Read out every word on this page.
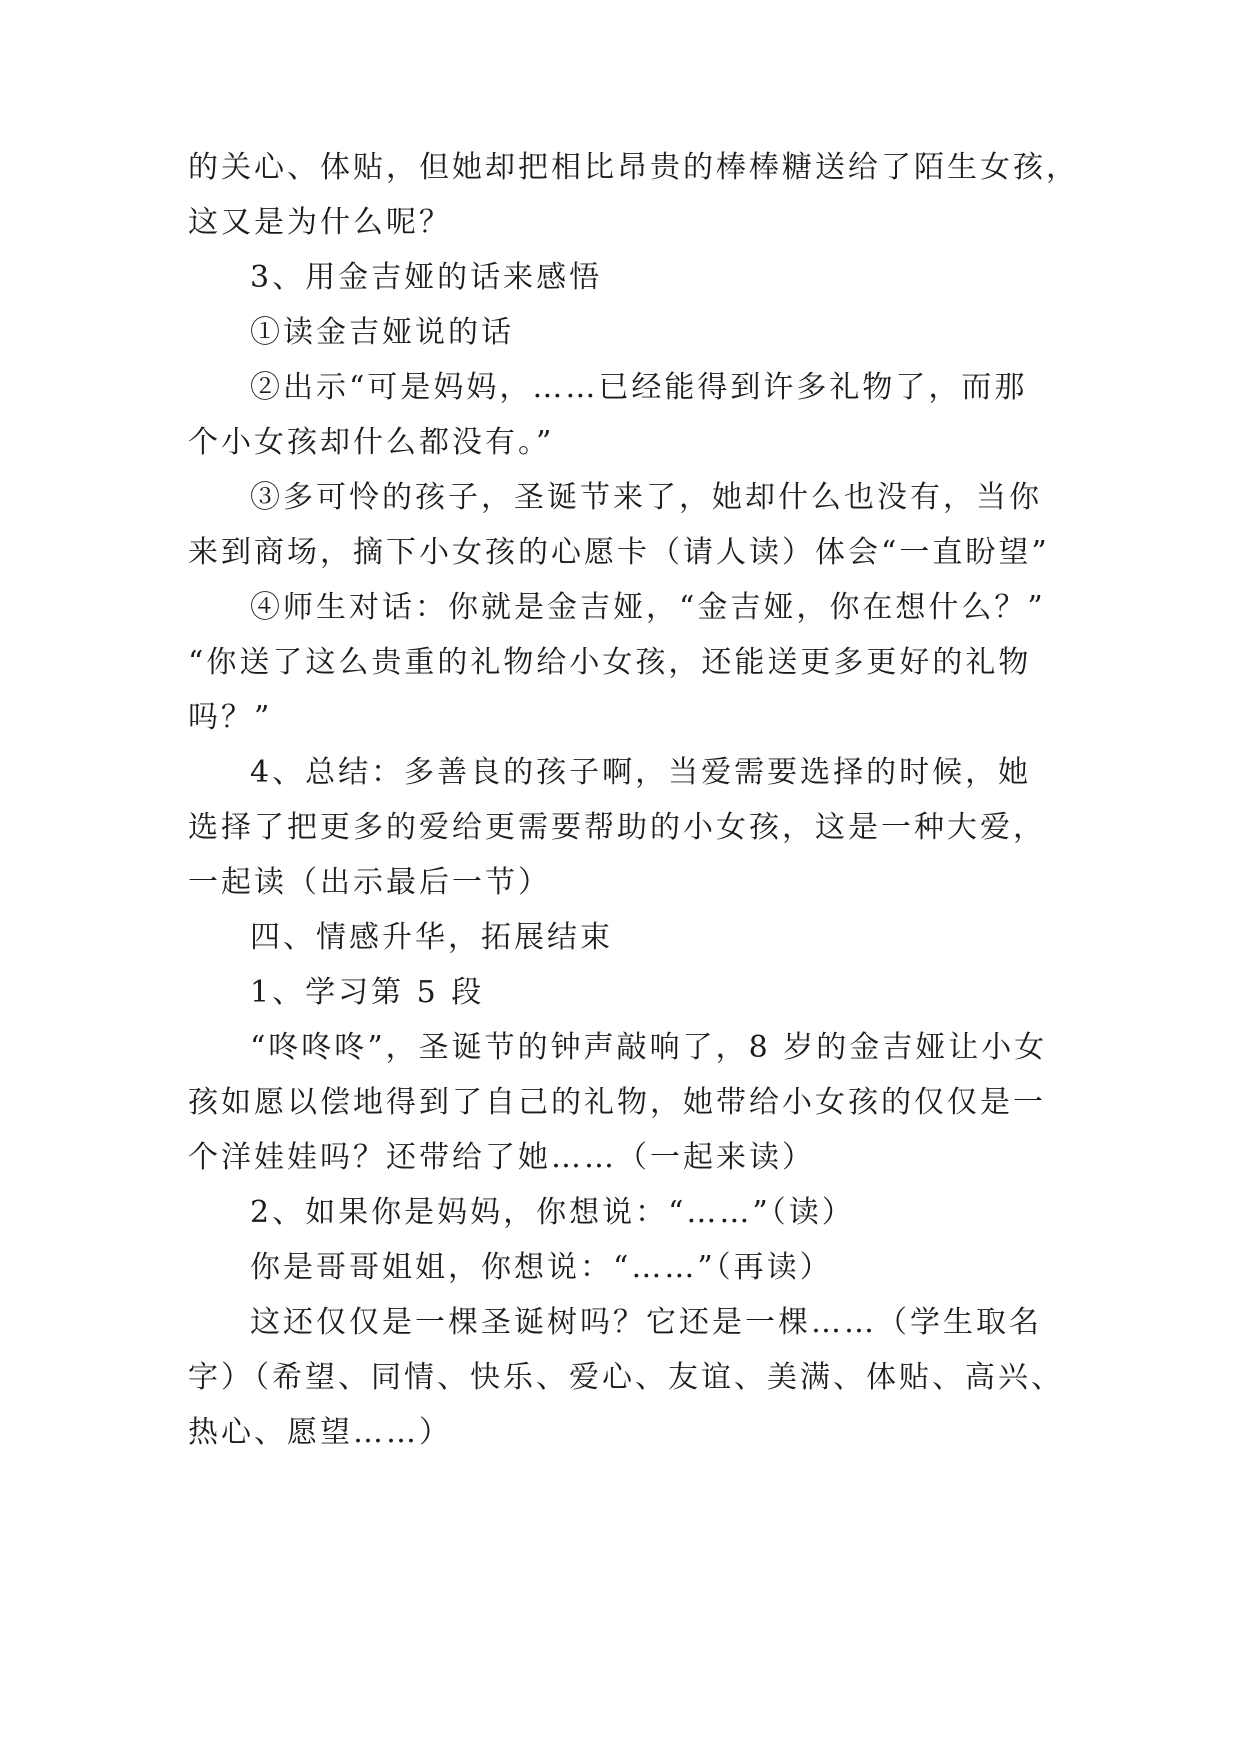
的关心、体贴，但她却把相比昂贵的棒棒糖送给了陌生女孩，
这又是为什么呢？
3、用金吉娅的话来感悟
①读金吉娅说的话
②出示“可是妈妈，……已经能得到许多礼物了，而那
个小女孩却什么都没有。”
③多可怜的孩子，圣诞节来了，她却什么也没有，当你
来到商场，摘下小女孩的心愿卡（请人读）体会“一直盼望”
④师生对话：你就是金吉娅，“金吉娅，你在想什么？”
“你送了这么贵重的礼物给小女孩，还能送更多更好的礼物
吗？”
4、总结：多善良的孩子啊，当爱需要选择的时候，她
选择了把更多的爱给更需要帮助的小女孩，这是一种大爱，
一起读（出示最后一节）
四、情感升华，拓展结束
1、学习第 5 段
“咚咚咚”，圣诞节的钟声敲响了，8 岁的金吉娅让小女
孩如愿以偿地得到了自己的礼物，她带给小女孩的仅仅是一
个洋娃娃吗？还带给了她……（一起来读）
2、如果你是妈妈，你想说：“……”（读）
你是哥哥姐姐，你想说：“……”（再读）
这还仅仅是一棵圣诞树吗？它还是一棵……（学生取名
字）（希望、同情、快乐、爱心、友谊、美满、体贴、高兴、
热心、愿望……）
